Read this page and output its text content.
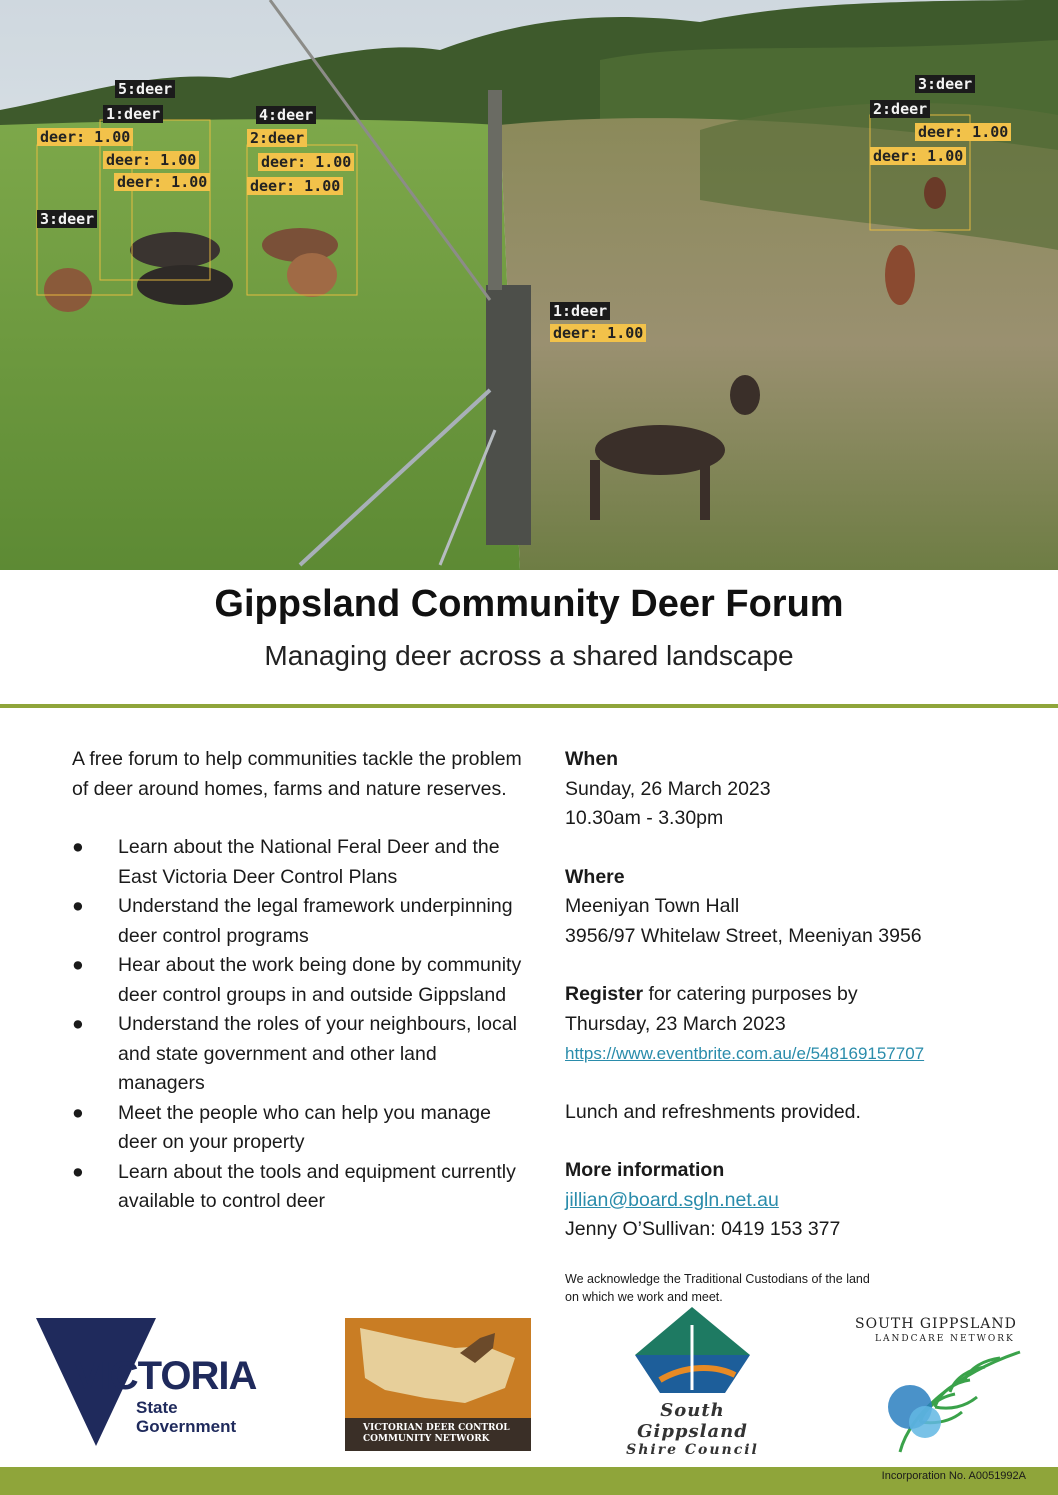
5:deer
1:deer
deer: 1.00
deer: 1.00
deer: 1.00
4:deer
2:deer
deer: 1.00
deer: 1.00
3:deer
1:deer
deer: 1.00
3:deer
2:deer
deer: 1.00
deer: 1.00
Gippsland Community Deer Forum
Managing deer across a shared landscape

A free forum to help communities tackle the problem of deer around homes, farms and nature reserves.

● Learn about the National Feral Deer and the East Victoria Deer Control Plans
● Understand the legal framework underpinning deer control programs
● Hear about the work being done by community deer control groups in and outside Gippsland
● Understand the roles of your neighbours, local and state government and other land managers
● Meet the people who can help you manage deer on your property
● Learn about the tools and equipment currently available to control deer
When
Sunday, 26 March 2023
10.30am - 3.30pm
Where
Meeniyan Town Hall
3956/97 Whitelaw Street, Meeniyan 3956
Register for catering purposes by
Thursday, 23 March 2023
https://www.eventbrite.com.au/e/548169157707
Lunch and refreshments provided.
More information
jillian@board.sgln.net.au
Jenny O’Sullivan: 0419 153 377
We acknowledge the Traditional Custodians of the land
on which we work and meet.
VICTORIA
State
Government	VICTORIAN DEER CONTROL
COMMUNITY NETWORK
South Gippsland
Shire Council
SOUTH GIPPSLAND
LANDCARE NETWORK
Incorporation No. A0051992A
